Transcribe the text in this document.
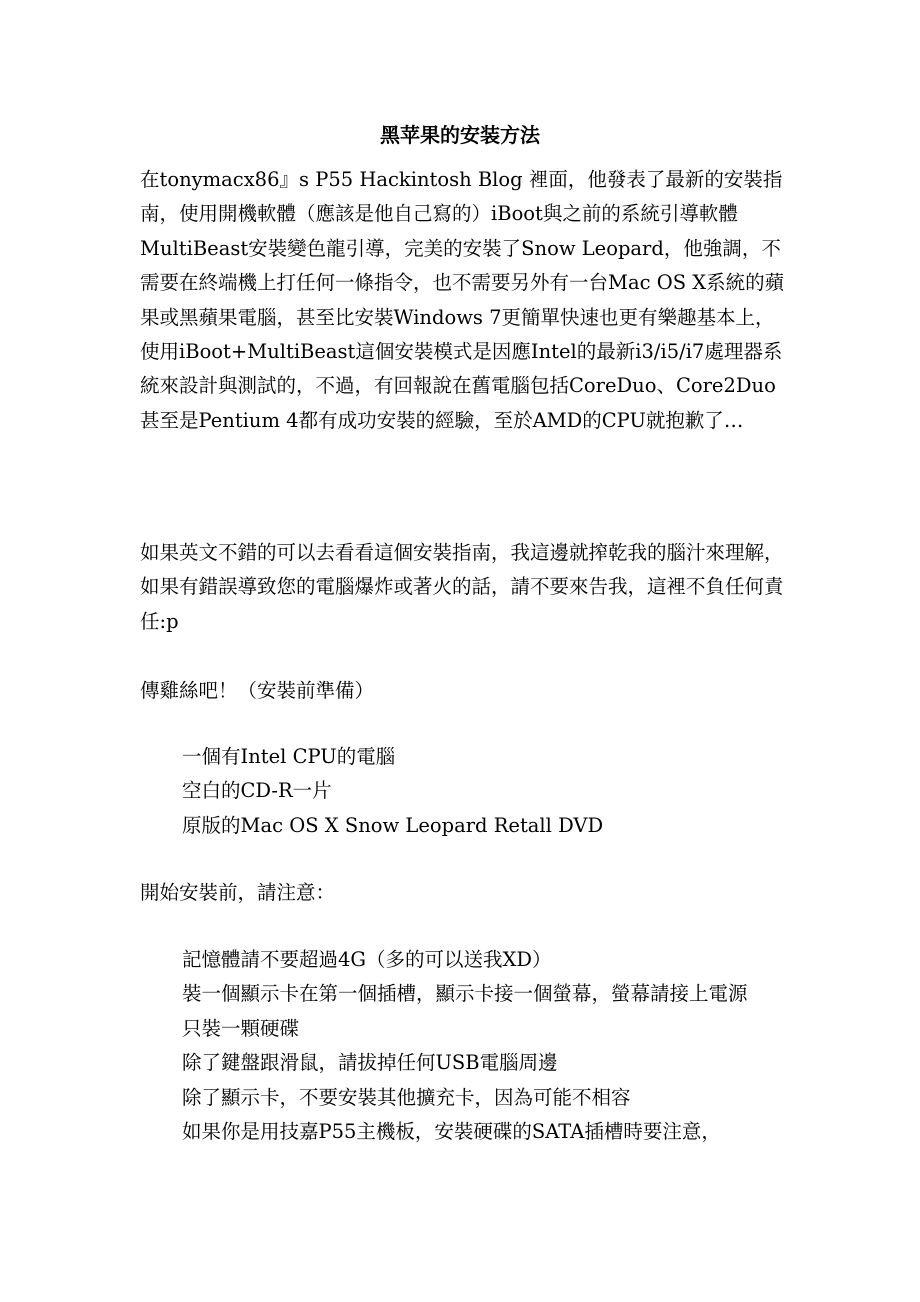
黑苹果的安装方法

在tonymacx86』s P55 Hackintosh Blog 裡面，他發表了最新的安裝指南，使用開機軟體（應該是他自己寫的）iBoot與之前的系統引導軟體MultiBeast安裝變色龍引導，完美的安裝了Snow Leopard，他強調，不需要在終端機上打任何一條指令，也不需要另外有一台Mac OS X系統的蘋果或黑蘋果電腦，甚至比安裝Windows 7更簡單快速也更有樂趣基本上，使用iBoot+MultiBeast這個安裝模式是因應Intel的最新i3/i5/i7處理器系統來設計與測試的，不過，有回報說在舊電腦包括CoreDuo、Core2Duo甚至是Pentium 4都有成功安裝的經驗，至於AMD的CPU就抱歉了…

如果英文不錯的可以去看看這個安裝指南，我這邊就搾乾我的腦汁來理解，如果有錯誤導致您的電腦爆炸或著火的話，請不要來告我，這裡不負任何責任:p

傳雞絲吧！（安裝前準備）

一個有Intel CPU的電腦
空白的CD-R一片
原版的Mac OS X Snow Leopard Retall DVD

開始安裝前，請注意：

記憶體請不要超過4G（多的可以送我XD）
裝一個顯示卡在第一個插槽，顯示卡接一個螢幕，螢幕請接上電源
只裝一顆硬碟
除了鍵盤跟滑鼠，請拔掉任何USB電腦周邊
除了顯示卡，不要安裝其他擴充卡，因為可能不相容
如果你是用技嘉P55主機板，安裝硬碟的SATA插槽時要注意，
